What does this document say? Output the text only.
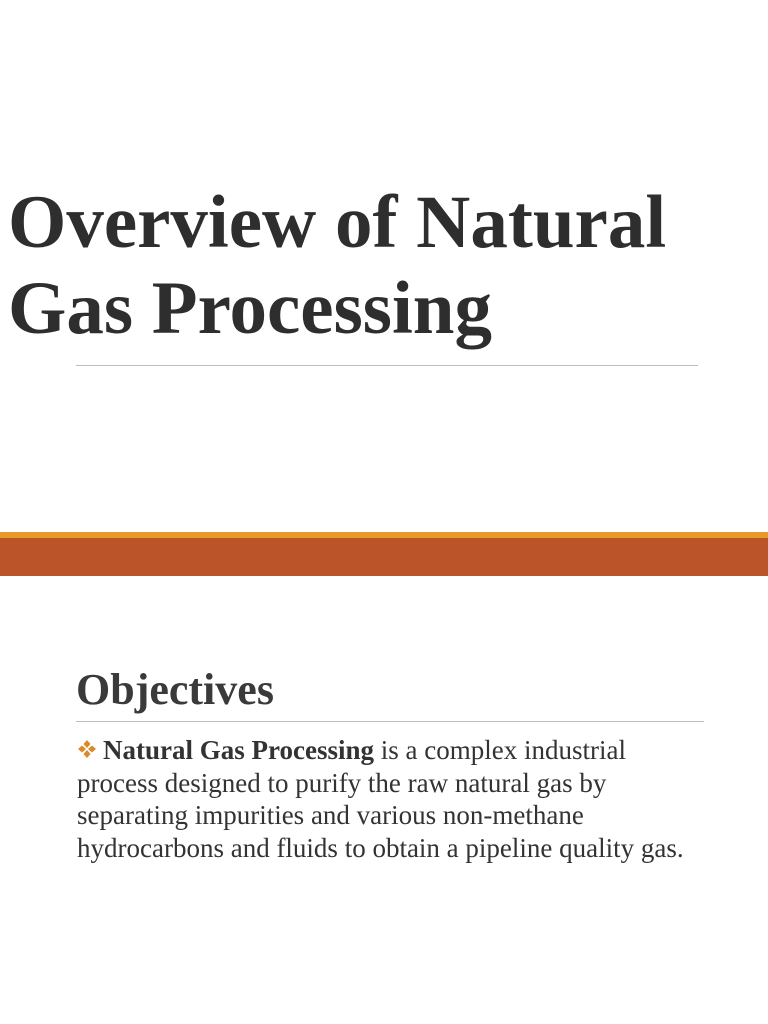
Overview of Natural
Gas Processing
Objectives

Natural Gas Processing is a complex industrial process designed to purify the raw natural gas by separating impurities and various non-methane hydrocarbons and fluids to obtain a pipeline quality gas.
